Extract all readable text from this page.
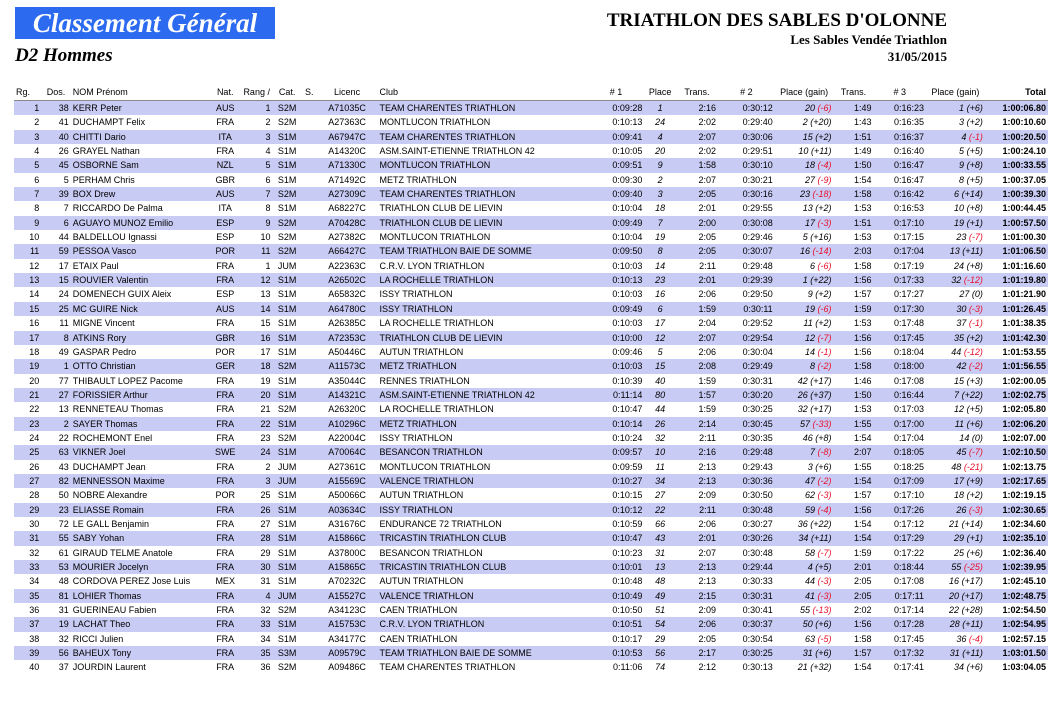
Classement Général
D2 Hommes
TRIATHLON DES SABLES D'OLONNE
Les Sables Vendée Triathlon
31/05/2015
Rg.	Dos.	NOM Prénom	Nat.	Rang /	Cat.	S.	Licenc	Club	# 1	Place	Trans.	# 2	Place (gain)	Trans.	# 3	Place (gain)	Total
1	38	KERR Peter	AUS	1	S2M		A71035C	TEAM CHARENTES TRIATHLON	0:09:28	1	2:16	0:30:12	20 (-6)	1:49	0:16:23	1 (+6)	1:00:06.80
2	41	DUCHAMPT Felix	FRA	2	S2M		A27363C	MONTLUCON TRIATHLON	0:10:13	24	2:02	0:29:40	2 (+20)	1:43	0:16:35	3 (+2)	1:00:10.60
3	40	CHITTI Dario	ITA	3	S1M		A67947C	TEAM CHARENTES TRIATHLON	0:09:41	4	2:07	0:30:06	15 (+2)	1:51	0:16:37	4 (-1)	1:00:20.50
4	26	GRAYEL Nathan	FRA	4	S1M		A14320C	ASM.SAINT-ETIENNE TRIATHLON 42	0:10:05	20	2:02	0:29:51	10 (+11)	1:49	0:16:40	5 (+5)	1:00:24.10
5	45	OSBORNE Sam	NZL	5	S1M		A71330C	MONTLUCON TRIATHLON	0:09:51	9	1:58	0:30:10	18 (-4)	1:50	0:16:47	9 (+8)	1:00:33.55
6	5	PERHAM Chris	GBR	6	S1M		A71492C	METZ TRIATHLON	0:09:30	2	2:07	0:30:21	27 (-9)	1:54	0:16:47	8 (+5)	1:00:37.05
7	39	BOX Drew	AUS	7	S2M		A27309C	TEAM CHARENTES TRIATHLON	0:09:40	3	2:05	0:30:16	23 (-18)	1:58	0:16:42	6 (+14)	1:00:39.30
8	7	RICCARDO De Palma	ITA	8	S1M		A68227C	TRIATHLON CLUB DE LIEVIN	0:10:04	18	2:01	0:29:55	13 (+2)	1:53	0:16:53	10 (+8)	1:00:44.45
9	6	AGUAYO MUNOZ Emilio	ESP	9	S2M		A70428C	TRIATHLON CLUB DE LIEVIN	0:09:49	7	2:00	0:30:08	17 (-3)	1:51	0:17:10	19 (+1)	1:00:57.50
10	44	BALDELLOU Ignassi	ESP	10	S2M		A27382C	MONTLUCON TRIATHLON	0:10:04	19	2:05	0:29:46	5 (+16)	1:53	0:17:15	23 (-7)	1:01:00.30
11	59	PESSOA Vasco	POR	11	S2M		A66427C	TEAM TRIATHLON BAIE DE SOMME	0:09:50	8	2:05	0:30:07	16 (-14)	2:03	0:17:04	13 (+11)	1:01:06.50
12	17	ETAIX Paul	FRA	1	JUM		A22363C	C.R.V. LYON TRIATHLON	0:10:03	14	2:11	0:29:48	6 (-6)	1:58	0:17:19	24 (+8)	1:01:16.60
13	15	ROUVIER Valentin	FRA	12	S1M		A26502C	LA ROCHELLE TRIATHLON	0:10:13	23	2:01	0:29:39	1 (+22)	1:56	0:17:33	32 (-12)	1:01:19.80
14	24	DOMENECH GUIX Aleix	ESP	13	S1M		A65832C	ISSY TRIATHLON	0:10:03	16	2:06	0:29:50	9 (+2)	1:57	0:17:27	27 (0)	1:01:21.90
15	25	MC GUIRE Nick	AUS	14	S1M		A64780C	ISSY TRIATHLON	0:09:49	6	1:59	0:30:11	19 (-6)	1:59	0:17:30	30 (-3)	1:01:26.45
16	11	MIGNE Vincent	FRA	15	S1M		A26385C	LA ROCHELLE TRIATHLON	0:10:03	17	2:04	0:29:52	11 (+2)	1:53	0:17:48	37 (-1)	1:01:38.35
17	8	ATKINS Rory	GBR	16	S1M		A72353C	TRIATHLON CLUB DE LIEVIN	0:10:00	12	2:07	0:29:54	12 (-7)	1:56	0:17:45	35 (+2)	1:01:42.30
18	49	GASPAR Pedro	POR	17	S1M		A50446C	AUTUN TRIATHLON	0:09:46	5	2:06	0:30:04	14 (-1)	1:56	0:18:04	44 (-12)	1:01:53.55
19	1	OTTO Christian	GER	18	S2M		A11573C	METZ TRIATHLON	0:10:03	15	2:08	0:29:49	8 (-2)	1:58	0:18:00	42 (-2)	1:01:56.55
20	77	THIBAULT LOPEZ Pacome	FRA	19	S1M		A35044C	RENNES TRIATHLON	0:10:39	40	1:59	0:30:31	42 (+17)	1:46	0:17:08	15 (+3)	1:02:00.05
21	27	FORISSIER Arthur	FRA	20	S1M		A14321C	ASM.SAINT-ETIENNE TRIATHLON 42	0:11:14	80	1:57	0:30:20	26 (+37)	1:50	0:16:44	7 (+22)	1:02:02.75
22	13	RENNETEAU Thomas	FRA	21	S2M		A26320C	LA ROCHELLE TRIATHLON	0:10:47	44	1:59	0:30:25	32 (+17)	1:53	0:17:03	12 (+5)	1:02:05.80
23	2	SAYER Thomas	FRA	22	S1M		A10296C	METZ TRIATHLON	0:10:14	26	2:14	0:30:45	57 (-33)	1:55	0:17:00	11 (+6)	1:02:06.20
24	22	ROCHEMONT Enel	FRA	23	S2M		A22004C	ISSY TRIATHLON	0:10:24	32	2:11	0:30:35	46 (+8)	1:54	0:17:04	14 (0)	1:02:07.00
25	63	VIKNER Joel	SWE	24	S1M		A70064C	BESANCON TRIATHLON	0:09:57	10	2:16	0:29:48	7 (-8)	2:07	0:18:05	45 (-7)	1:02:10.50
26	43	DUCHAMPT Jean	FRA	2	JUM		A27361C	MONTLUCON TRIATHLON	0:09:59	11	2:13	0:29:43	3 (+6)	1:55	0:18:25	48 (-21)	1:02:13.75
27	82	MENNESSON Maxime	FRA	3	JUM		A15569C	VALENCE TRIATHLON	0:10:27	34	2:13	0:30:36	47 (-2)	1:54	0:17:09	17 (+9)	1:02:17.65
28	50	NOBRE Alexandre	POR	25	S1M		A50066C	AUTUN TRIATHLON	0:10:15	27	2:09	0:30:50	62 (-3)	1:57	0:17:10	18 (+2)	1:02:19.15
29	23	ELIASSE Romain	FRA	26	S1M		A03634C	ISSY TRIATHLON	0:10:12	22	2:11	0:30:48	59 (-4)	1:56	0:17:26	26 (-3)	1:02:30.65
30	72	LE GALL Benjamin	FRA	27	S1M		A31676C	ENDURANCE 72 TRIATHLON	0:10:59	66	2:06	0:30:27	36 (+22)	1:54	0:17:12	21 (+14)	1:02:34.60
31	55	SABY Yohan	FRA	28	S1M		A15866C	TRICASTIN TRIATHLON CLUB	0:10:47	43	2:01	0:30:26	34 (+11)	1:54	0:17:29	29 (+1)	1:02:35.10
32	61	GIRAUD TELME Anatole	FRA	29	S1M		A37800C	BESANCON TRIATHLON	0:10:23	31	2:07	0:30:48	58 (-7)	1:59	0:17:22	25 (+6)	1:02:36.40
33	53	MOURIER Jocelyn	FRA	30	S1M		A15865C	TRICASTIN TRIATHLON CLUB	0:10:01	13	2:13	0:29:44	4 (+5)	2:01	0:18:44	55 (-25)	1:02:39.95
34	48	CORDOVA PEREZ Jose Luis	MEX	31	S1M		A70232C	AUTUN TRIATHLON	0:10:48	48	2:13	0:30:33	44 (-3)	2:05	0:17:08	16 (+17)	1:02:45.10
35	81	LOHIER Thomas	FRA	4	JUM		A15527C	VALENCE TRIATHLON	0:10:49	49	2:15	0:30:31	41 (-3)	2:05	0:17:11	20 (+17)	1:02:48.75
36	31	GUERINEAU Fabien	FRA	32	S2M		A34123C	CAEN TRIATHLON	0:10:50	51	2:09	0:30:41	55 (-13)	2:02	0:17:14	22 (+28)	1:02:54.50
37	19	LACHAT Theo	FRA	33	S1M		A15753C	C.R.V. LYON TRIATHLON	0:10:51	54	2:06	0:30:37	50 (+6)	1:56	0:17:28	28 (+11)	1:02:54.95
38	32	RICCI Julien	FRA	34	S1M		A34177C	CAEN TRIATHLON	0:10:17	29	2:05	0:30:54	63 (-5)	1:58	0:17:45	36 (-4)	1:02:57.15
39	56	BAHEUX Tony	FRA	35	S3M		A09579C	TEAM TRIATHLON BAIE DE SOMME	0:10:53	56	2:17	0:30:25	31 (+6)	1:57	0:17:32	31 (+11)	1:03:01.50
40	37	JOURDIN Laurent	FRA	36	S2M		A09486C	TEAM CHARENTES TRIATHLON	0:11:06	74	2:12	0:30:13	21 (+32)	1:54	0:17:41	34 (+6)	1:03:04.05
